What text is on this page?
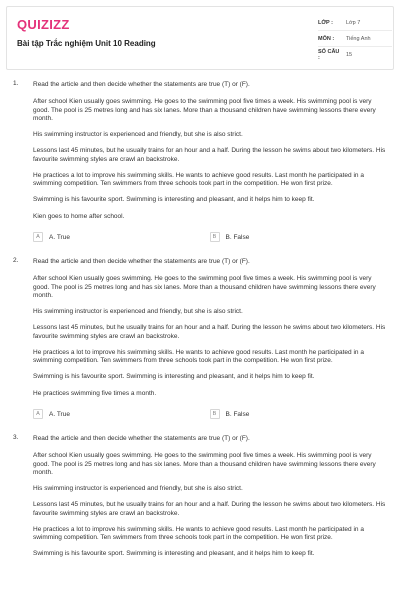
QUIZIZZ
Bài tập Trắc nghiệm Unit 10 Reading
LỚP :	Lớp 7
MÔN :	Tiếng Anh
SỐ CÂU :	15
1. Read the article and then decide whether the statements are true (T) or (F).

After school Kien usually goes swimming. He goes to the swimming pool five times a week. His swimming pool is very good. The pool is 25 metres long and has six lanes. More than a thousand children have swimming lessons there every month.

His swimming instructor is experienced and friendly, but she is also strict.

Lessons last 45 minutes, but he usually trains for an hour and a half. During the lesson he swims about two kilometers. His favourite swimming styles are crawl an backstroke.

He practices a lot to improve his swimming skills. He wants to achieve good results. Last month he participated in a swimming competition. Ten swimmers from three schools took part in the competition. He won first prize.

Swimming is his favourite sport. Swimming is interesting and pleasant, and it helps him to keep fit.

Kien goes to home after school.

A	A. True	B	B. False
2. Read the article and then decide whether the statements are true (T) or (F).

After school Kien usually goes swimming. He goes to the swimming pool five times a week. His swimming pool is very good. The pool is 25 metres long and has six lanes. More than a thousand children have swimming lessons there every month.

His swimming instructor is experienced and friendly, but she is also strict.

Lessons last 45 minutes, but he usually trains for an hour and a half. During the lesson he swims about two kilometers. His favourite swimming styles are crawl an backstroke.

He practices a lot to improve his swimming skills. He wants to achieve good results. Last month he participated in a swimming competition. Ten swimmers from three schools took part in the competition. He won first prize.

Swimming is his favourite sport. Swimming is interesting and pleasant, and it helps him to keep fit.

He practices swimming five times a month.

A	A. True	B	B. False
3. Read the article and then decide whether the statements are true (T) or (F).

After school Kien usually goes swimming. He goes to the swimming pool five times a week. His swimming pool is very good. The pool is 25 metres long and has six lanes. More than a thousand children have swimming lessons there every month.

His swimming instructor is experienced and friendly, but she is also strict.

Lessons last 45 minutes, but he usually trains for an hour and a half. During the lesson he swims about two kilometers. His favourite swimming styles are crawl an backstroke.

He practices a lot to improve his swimming skills. He wants to achieve good results. Last month he participated in a swimming competition. Ten swimmers from three schools took part in the competition. He won first prize.

Swimming is his favourite sport. Swimming is interesting and pleasant, and it helps him to keep fit.
